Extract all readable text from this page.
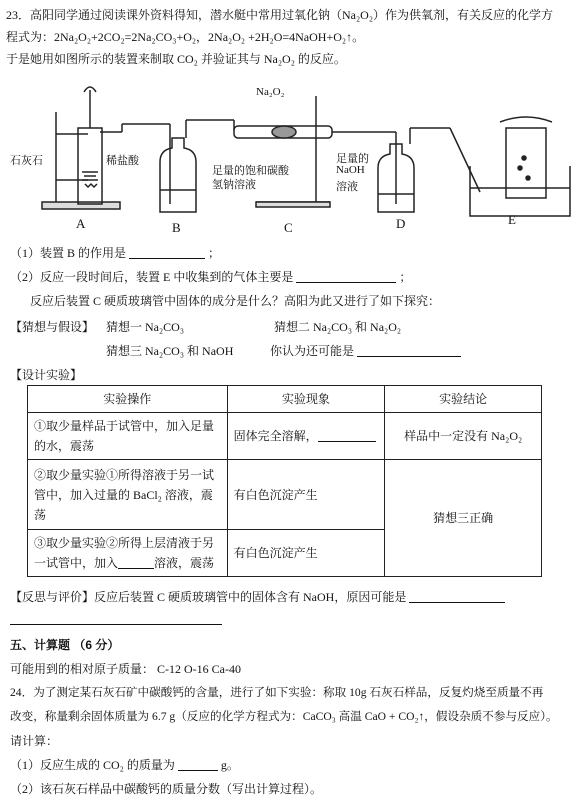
23．高阳同学通过阅读课外资料得知，潜水艇中常用过氧化钠（Na₂O₂）作为供氧剂，有关反应的化学方
程式为：2Na₂O₂+2CO₂=2Na₂CO₃+O₂，2Na₂O₂ +2H₂O=4NaOH+O₂↑。
于是她用如图所示的装置来制取 CO₂ 并验证其与 Na₂O₂ 的反应。
石灰石	稀盐酸
足量的饱和碳酸
氢钠溶液
Na₂O₂
足量的
NaOH
溶液
A	B	C	D	E
（1）装置 B 的作用是	；
（2）反应一段时间后，装置 E 中收集到的气体主要是	；
反应后装置 C 硬质玻璃管中固体的成分是什么？高阳为此又进行了如下探究：
【猜想与假设】 猜想一 Na₂CO₃	猜想二 Na₂CO₃ 和 Na₂O₂
猜想三 Na₂CO₃ 和 NaOH	你认为还可能是
【设计实验】
实验操作	实验现象	实验结论
①取少量样品于试管中，加入足量的水，震荡	固体完全溶解，	样品中一定没有 Na₂O₂

②取少量实验①所得溶液于另一试
管中，加入过量的 BaCl₂ 溶液，震
荡	有白色沉淀产生	猜想三正确

③取少量实验②所得上层清液于另
一试管中，加入 溶液，震荡	有白色沉淀产生	
【反思与评价】反应后装置 C 硬质玻璃管中的固体含有 NaOH，原因可能是
五、计算题 （6 分）
可能用到的相对原子质量： C-12 O-16 Ca-40
24．为了测定某石灰石矿中碳酸钙的含量，进行了如下实验：称取 10g 石灰石样品，反复灼烧至质量不再
改变，称量剩余固体质量为 6.7 g（反应的化学方程式为：CaCO₃ 高温 CaO + CO₂↑，假设杂质不参与反应）。
请计算：
（1）反应生成的 CO₂ 的质量为	g。
（2）该石灰石样品中碳酸钙的质量分数（写出计算过程）。
